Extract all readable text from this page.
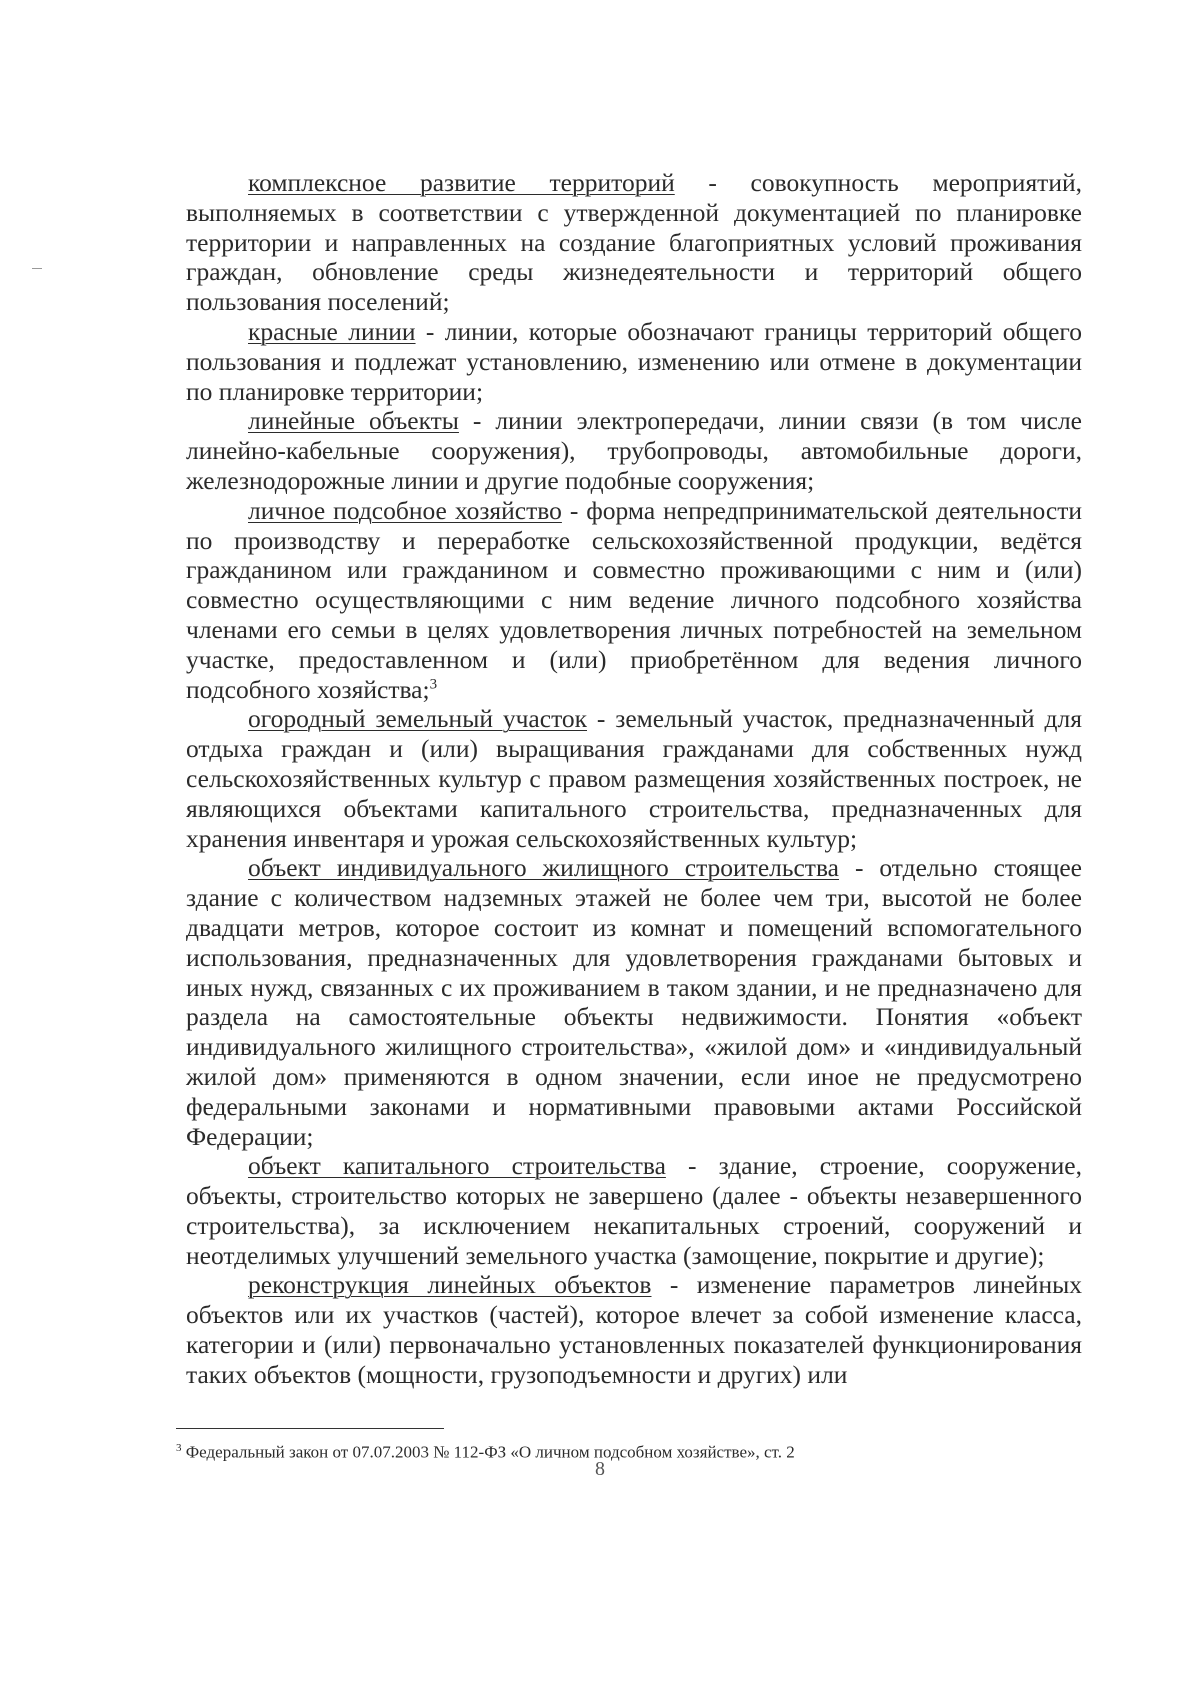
комплексное развитие территорий - совокупность мероприятий, выполняемых в соответствии с утвержденной документацией по планировке территории и направленных на создание благоприятных условий проживания граждан, обновление среды жизнедеятельности и территорий общего пользования поселений;

красные линии - линии, которые обозначают границы территорий общего пользования и подлежат установлению, изменению или отмене в документации по планировке территории;

линейные объекты - линии электропередачи, линии связи (в том числе линейно-кабельные сооружения), трубопроводы, автомобильные дороги, железнодорожные линии и другие подобные сооружения;

личное подсобное хозяйство - форма непредпринимательской деятельности по производству и переработке сельскохозяйственной продукции, ведётся гражданином или гражданином и совместно проживающими с ним и (или) совместно осуществляющими с ним ведение личного подсобного хозяйства членами его семьи в целях удовлетворения личных потребностей на земельном участке, предоставленном и (или) приобретённом для ведения личного подсобного хозяйства;$^3$

огородный земельный участок - земельный участок, предназначенный для отдыха граждан и (или) выращивания гражданами для собственных нужд сельскохозяйственных культур с правом размещения хозяйственных построек, не являющихся объектами капитального строительства, предназначенных для хранения инвентаря и урожая сельскохозяйственных культур;

объект индивидуального жилищного строительства - отдельно стоящее здание с количеством надземных этажей не более чем три, высотой не более двадцати метров, которое состоит из комнат и помещений вспомогательного использования, предназначенных для удовлетворения гражданами бытовых и иных нужд, связанных с их проживанием в таком здании, и не предназначено для раздела на самостоятельные объекты недвижимости. Понятия «объект индивидуального жилищного строительства», «жилой дом» и «индивидуальный жилой дом» применяются в одном значении, если иное не предусмотрено федеральными законами и нормативными правовыми актами Российской Федерации;

объект капитального строительства - здание, строение, сооружение, объекты, строительство которых не завершено (далее - объекты незавершенного строительства), за исключением некапитальных строений, сооружений и неотделимых улучшений земельного участка (замощение, покрытие и другие);

реконструкция линейных объектов - изменение параметров линейных объектов или их участков (частей), которое влечет за собой изменение класса, категории и (или) первоначально установленных показателей функционирования таких объектов (мощности, грузоподъемности и других) или

$^3$ Федеральный закон от 07.07.2003 № 112-ФЗ «О личном подсобном хозяйстве», ст. 2
8
